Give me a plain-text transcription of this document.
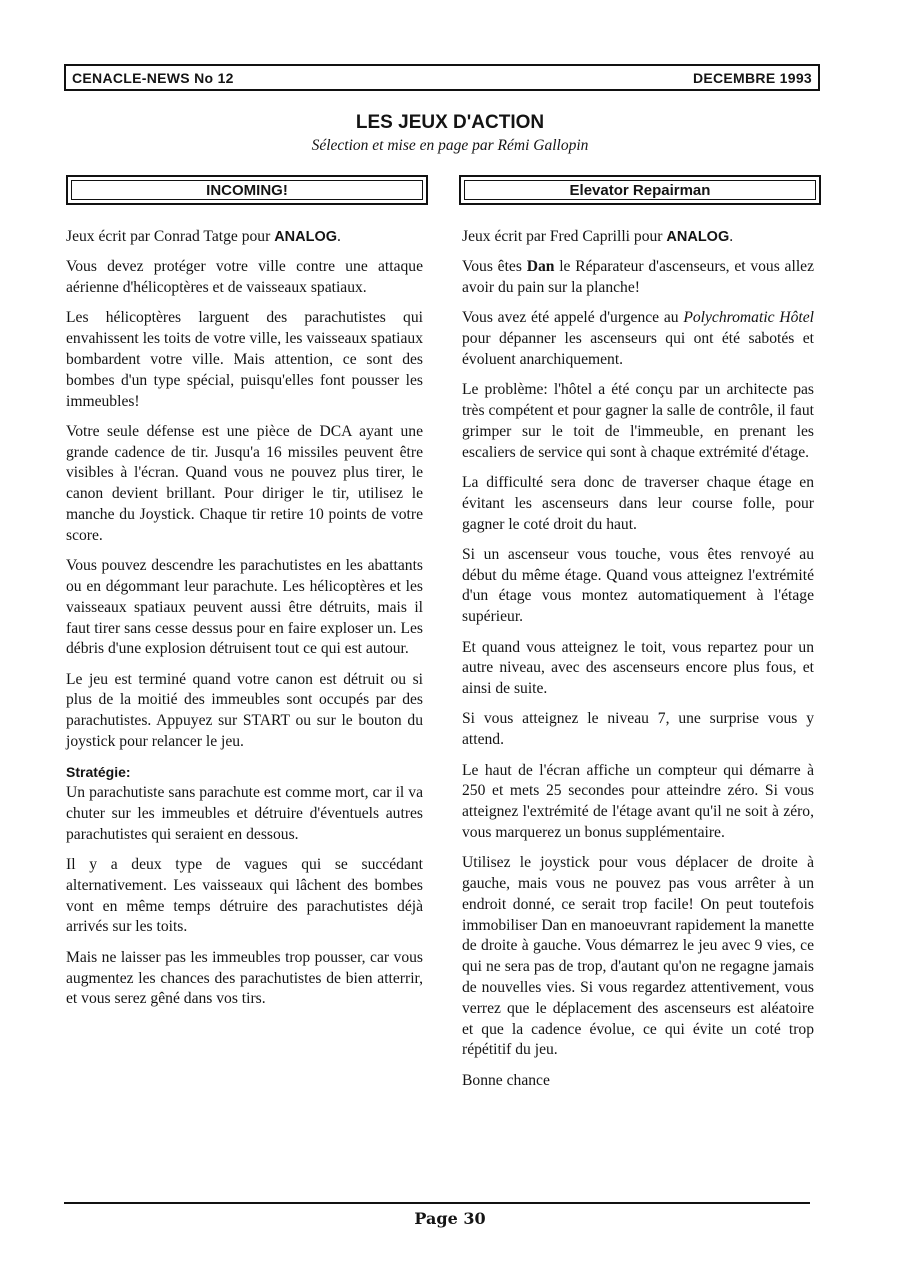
CENACLE-NEWS No 12	DECEMBRE 1993
LES JEUX D'ACTION
Sélection et mise en page par Rémi Gallopin
INCOMING!	Elevator Repairman

Jeux écrit par Conrad Tatge pour ANALOG.

Vous devez protéger votre ville contre une attaque aérienne d'hélicoptères et de vaisseaux spatiaux.

Les hélicoptères larguent des parachutistes qui envahissent les toits de votre ville, les vaisseaux spatiaux bombardent votre ville. Mais attention, ce sont des bombes d'un type spécial, puisqu'elles font pousser les immeubles!

Votre seule défense est une pièce de DCA ayant une grande cadence de tir. Jusqu'a 16 missiles peuvent être visibles à l'écran. Quand vous ne pouvez plus tirer, le canon devient brillant. Pour diriger le tir, utilisez le manche du Joystick. Chaque tir retire 10 points de votre score.

Vous pouvez descendre les parachutistes en les abattants ou en dégommant leur parachute. Les hélicoptères et les vaisseaux spatiaux peuvent aussi être détruits, mais il faut tirer sans cesse dessus pour en faire exploser un. Les débris d'une explosion détruisent tout ce qui est autour.

Le jeu est terminé quand votre canon est détruit ou si plus de la moitié des immeubles sont occupés par des parachutistes. Appuyez sur START ou sur le bouton du joystick pour relancer le jeu.

Stratégie:

Un parachutiste sans parachute est comme mort, car il va chuter sur les immeubles et détruire d'éventuels autres parachutistes qui seraient en dessous.

Il y a deux type de vagues qui se succédant alternativement. Les vaisseaux qui lâchent des bombes vont en même temps détruire des parachutistes déjà arrivés sur les toits.

Mais ne laisser pas les immeubles trop pousser, car vous augmentez les chances des parachutistes de bien atterrir, et vous serez gêné dans vos tirs.

Jeux écrit par Fred Caprilli pour ANALOG.

Vous êtes Dan le Réparateur d'ascenseurs, et vous allez avoir du pain sur la planche!

Vous avez été appelé d'urgence au Polychromatic Hôtel pour dépanner les ascenseurs qui ont été sabotés et évoluent anarchiquement.

Le problème: l'hôtel a été conçu par un architecte pas très compétent et pour gagner la salle de contrôle, il faut grimper sur le toit de l'immeuble, en prenant les escaliers de service qui sont à chaque extrémité d'étage.

La difficulté sera donc de traverser chaque étage en évitant les ascenseurs dans leur course folle, pour gagner le coté droit du haut.

Si un ascenseur vous touche, vous êtes renvoyé au début du même étage. Quand vous atteignez l'extrémité d'un étage vous montez automatiquement à l'étage supérieur.

Et quand vous atteignez le toit, vous repartez pour un autre niveau, avec des ascenseurs encore plus fous, et ainsi de suite.

Si vous atteignez le niveau 7, une surprise vous y attend.

Le haut de l'écran affiche un compteur qui démarre à 250 et mets 25 secondes pour atteindre zéro. Si vous atteignez l'extrémité de l'étage avant qu'il ne soit à zéro, vous marquerez un bonus supplémentaire.

Utilisez le joystick pour vous déplacer de droite à gauche, mais vous ne pouvez pas vous arrêter à un endroit donné, ce serait trop facile! On peut toutefois immobiliser Dan en manoeuvrant rapidement la manette de droite à gauche. Vous démarrez le jeu avec 9 vies, ce qui ne sera pas de trop, d'autant qu'on ne regagne jamais de nouvelles vies. Si vous regardez attentivement, vous verrez que le déplacement des ascenseurs est aléatoire et que la cadence évolue, ce qui évite un coté trop répétitif du jeu.

Bonne chance

Page 30
